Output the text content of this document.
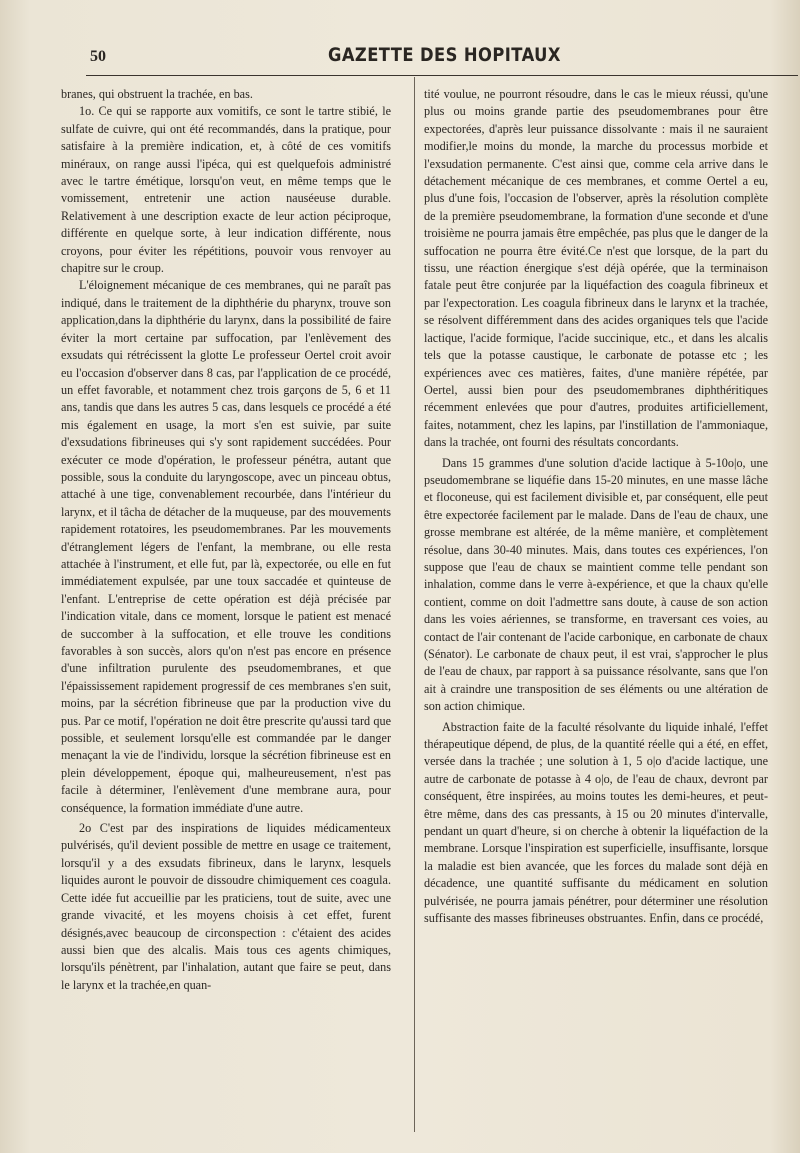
50	GAZETTE DES HOPITAUX

branes, qui obstruent la trachée, en bas.

1o. Ce qui se rapporte aux vomitifs, ce sont le tartre stibié, le sulfate de cuivre, qui ont été recommandés, dans la pratique, pour satisfaire à la première indication, et, à côté de ces vomitifs minéraux, on range aussi l'ipéca, qui est quelquefois administré avec le tartre émétique, lorsqu'on veut, en même temps que le vomissement, entretenir une action nauséeuse durable. Relativement à une description exacte de leur action péciproque, différente en quelque sorte, à leur indication différente, nous croyons, pour éviter les répétitions, pouvoir vous renvoyer au chapitre sur le croup.

L'éloignement mécanique de ces membranes, qui ne paraît pas indiqué, dans le traitement de la diphthérie du pharynx, trouve son application,dans la diphthérie du larynx, dans la possibilité de faire éviter la mort certaine par suffocation, par l'enlèvement des exsudats qui rétrécissent la glotte Le professeur Oertel croit avoir eu l'occasion d'observer dans 8 cas, par l'application de ce procédé, un effet favorable, et notamment chez trois garçons de 5, 6 et 11 ans, tandis que dans les autres 5 cas, dans lesquels ce procédé a été mis également en usage, la mort s'en est suivie, par suite d'exsudations fibrineuses qui s'y sont rapidement succédées. Pour exécuter ce mode d'opération, le professeur pénétra, autant que possible, sous la conduite du laryngoscope, avec un pinceau obtus, attaché à une tige, convenablement recourbée, dans l'intérieur du larynx, et il tâcha de détacher de la muqueuse, par des mouvements rapidement rotatoires, les pseudomembranes. Par les mouvements d'étranglement légers de l'enfant, la membrane, ou elle resta attachée à l'instrument, et elle fut, par là, expectorée, ou elle en fut immédiatement expulsée, par une toux saccadée et quinteuse de l'enfant. L'entreprise de cette opération est déjà précisée par l'indication vitale, dans ce moment, lorsque le patient est menacé de succomber à la suffocation, et elle trouve les conditions favorables à son succès, alors qu'on n'est pas encore en présence d'une infiltration purulente des pseudomembranes, et que l'épaississement rapidement progressif de ces membranes s'en suit, moins, par la sécrétion fibrineuse que par la production vive du pus. Par ce motif, l'opération ne doit être prescrite qu'aussi tard que possible, et seulement lorsqu'elle est commandée par le danger menaçant la vie de l'individu, lorsque la sécrétion fibrineuse est en plein développement, époque qui, malheureusement, n'est pas facile à déterminer, l'enlèvement d'une membrane aura, pour conséquence, la formation immédiate d'une autre.

2o C'est par des inspirations de liquides médicamenteux pulvérisés, qu'il devient possible de mettre en usage ce traitement, lorsqu'il y a des exsudats fibrineux, dans le larynx, lesquels liquides auront le pouvoir de dissoudre chimiquement ces coagula. Cette idée fut accueillie par les praticiens, tout de suite, avec une grande vivacité, et les moyens choisis à cet effet, furent désignés,avec beaucoup de circonspection : c'étaient des acides aussi bien que des alcalis. Mais tous ces agents chimiques, lorsqu'ils pénètrent, par l'inhalation, autant que faire se peut, dans le larynx et la trachée,en quan-

tité voulue, ne pourront résoudre, dans le cas le mieux réussi, qu'une plus ou moins grande partie des pseudomembranes pour être expectorées, d'après leur puissance dissolvante : mais il ne sauraient modifier,le moins du monde, la marche du processus morbide et l'exsudation permanente. C'est ainsi que, comme cela arrive dans le détachement mécanique de ces membranes, et comme Oertel a eu, plus d'une fois, l'occasion de l'observer, après la résolution complète de la première pseudomembrane, la formation d'une seconde et d'une troisième ne pourra jamais être empêchée, pas plus que le danger de la suffocation ne pourra être évité.Ce n'est que lorsque, de la part du tissu, une réaction énergique s'est déjà opérée, que la terminaison fatale peut être conjurée par la liquéfaction des coagula fibrineux et par l'expectoration. Les coagula fibrineux dans le larynx et la trachée, se résolvent différemment dans des acides organiques tels que l'acide lactique, l'acide formique, l'acide succinique, etc., et dans les alcalis tels que la potasse caustique, le carbonate de potasse etc ; les expériences avec ces matières, faites, d'une manière répétée, par Oertel, aussi bien pour des pseudomembranes diphthéritiques récemment enlevées que pour d'autres, produites artificiellement, faites, notamment, chez les lapins, par l'instillation de l'ammoniaque, dans la trachée, ont fourni des résultats concordants.

Dans 15 grammes d'une solution d'acide lactique à 5-10o|o, une pseudomembrane se liquéfie dans 15-20 minutes, en une masse lâche et floconeuse, qui est facilement divisible et, par conséquent, elle peut être expectorée facilement par le malade. Dans de l'eau de chaux, une grosse membrane est altérée, de la même manière, et complètement résolue, dans 30-40 minutes. Mais, dans toutes ces expériences, l'on suppose que l'eau de chaux se maintient comme telle pendant son inhalation, comme dans le verre à-expérience, et que la chaux qu'elle contient, comme on doit l'admettre sans doute, à cause de son action dans les voies aériennes, se transforme, en traversant ces voies, au contact de l'air contenant de l'acide carbonique, en carbonate de chaux (Sénator). Le carbonate de chaux peut, il est vrai, s'approcher le plus de l'eau de chaux, par rapport à sa puissance résolvante, sans que l'on ait à craindre une transposition de ses éléments ou une altération de son action chimique.

Abstraction faite de la faculté résolvante du liquide inhalé, l'effet thérapeutique dépend, de plus, de la quantité réelle qui a été, en effet, versée dans la trachée ; une solution à 1, 5 o|o d'acide lactique, une autre de carbonate de potasse à 4 o|o, de l'eau de chaux, devront par conséquent, être inspirées, au moins toutes les demi-heures, et peut-être même, dans des cas pressants, à 15 ou 20 minutes d'intervalle, pendant un quart d'heure, si on cherche à obtenir la liquéfaction de la membrane. Lorsque l'inspiration est superficielle, insuffisante, lorsque la maladie est bien avancée, que les forces du malade sont déjà en décadence, une quantité suffisante du médicament en solution pulvérisée, ne pourra jamais pénétrer, pour déterminer une résolution suffisante des masses fibrineuses obstruantes. Enfin, dans ce procédé,
